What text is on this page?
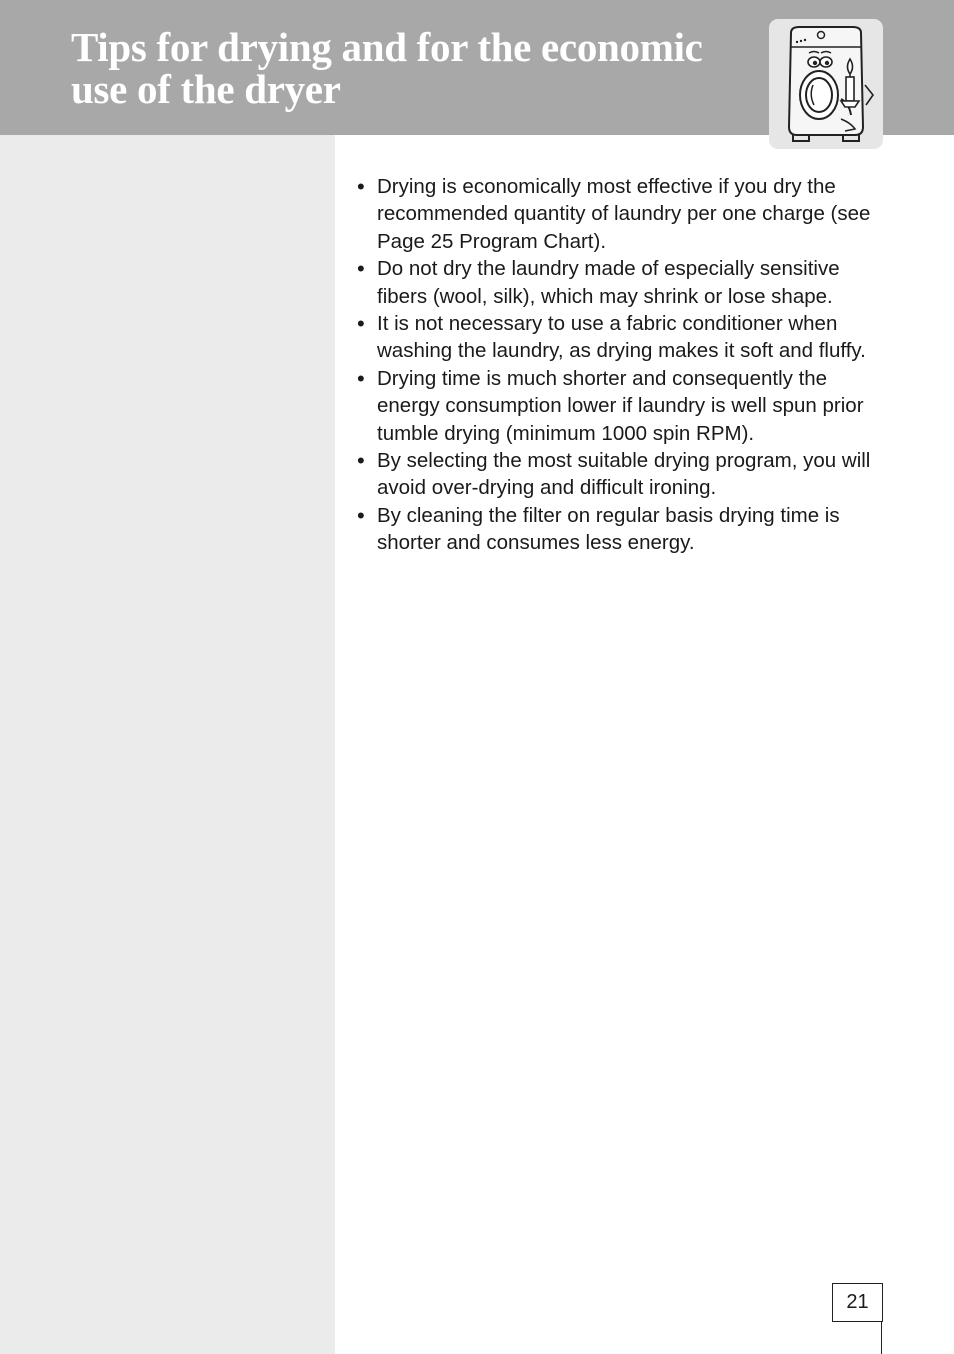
Tips for drying and for the economic
use of the dryer
• Drying is economically most effective if you dry the recommended quantity of laundry per one charge (see Page 25 Program Chart).
• Do not dry the laundry made of especially sensitive fibers (wool, silk), which may shrink or lose shape.
• It is not necessary to use a fabric conditioner when washing the laundry, as drying makes it soft and fluffy.
• Drying time is much shorter and consequently the energy consumption lower if laundry is well spun prior tumble drying (minimum 1000 spin RPM).
• By selecting the most suitable drying program, you will avoid over-drying and difficult ironing.
• By cleaning the filter on regular basis drying time is shorter and consumes less energy.
21
